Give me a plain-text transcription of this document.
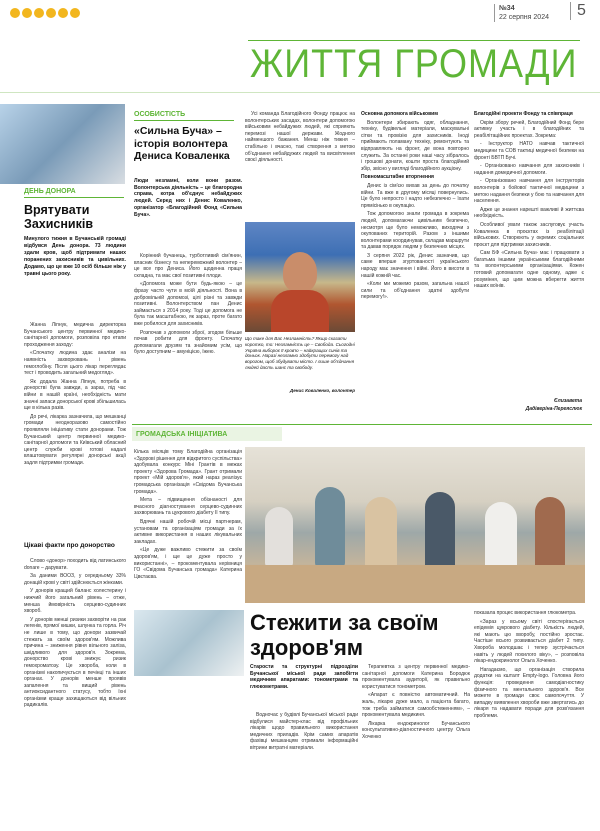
№34
22 серпня 2024	5
ЖИТТЯ ГРОМАДИ
ДЕНЬ ДОНОРА
Врятувати Захисників
Минулого тижня в Бучанській громаді відбувся День донора. 73 людини здали кров, щоб підтримати наших поранених захисників та цивільних. Додамо, що це вже 10 осіб більше ніж у травні цього року.

Жанна Ліпнук, медична директорка Бучанського центру первинної медико-санітарної допомоги, розповіла про етапи проходження заходу:

«Спочатку людина здає аналізи на наявність захворювань і рівень гемоглобіну. Після цього лікар переглядає тест і проводить загальний медогляд».

Як додала Жанна Ліпнук, потреба в донорстві була завжди, а зараз, під час війни в нашій країні, необхідність мати значні запаси донорської крові збільшилась ще в кілька разів.

До речі, лікарка зазначила, що мешканці громади неодноразово самостійно проявляли ініціативу стати донорами. Тож Бучанський центр первинної медико-санітарної допомоги та Київський обласний центр служби крові готові надалі влаштовувати регулярні донорські акції задля підтримки громади.

Цікаві факти про донорство

Слово «донор» походить від латинського donare – дарувати.

За даними ВООЗ, у середньому 33% донацій крові у світі здійснюється жінками.

У донорів кращий баланс холестерину і нижчий його загальний рівень – отже, менша ймовірність серцево-судинних хвороб.

У донорів менші ризики захворіти на рак легенів, прямої кишки, шлунка та горла. Річ не лише в тому, що донори зазвичай стежать за своїм здоров'ям. Можлива причина – зниження рівня вільного заліза, шкідливого для здоров'я. Зокрема, донорство крові знижує ризик гемохроматозу. Це хвороба, коли в організмі накопичується в печінці та інших органах. У донорів менше проявів запалення та вищий рівень антиоксидантного статусу, тобто їхні організми краще захищаються від вільних радикалів.

ОСОБИСТІСТЬ
«Сильна Буча» – історія волонтера Дениса Коваленка
Люди незламні, коли вони разом. Волонтерська діяльність – це благородна справа, котра об'єднує небайдужих людей. Серед них і Денис Коваленко, організатор «Благодійний Фонд «Сильна Буча».

Корінний бучанець, турботливий сім'янин, власник бізнесу та непереможний волонтер – це все про Дениса. Його щоденна праця складна, та має свої позитивні плоди.

«Допомога може бути будь-якою – це фразу часто чути в моїй діяльності. Вона в добровільній допомозі, цілі різні та завжди позитивні. Волонтерством пан Денис займається з 2014 року. Тоді це допомога не була так масштабною, як зараз, проте багато вже робилося для захисників.

Розпочав з допомоги зброї, згодом більше почав робити для фронту. Спочатку допомагали друзям та знайомим усім, що було доступним – амуніцією, їжею.

Усі команда Благодійного Фонду працює на волонтерських засадах, волонтери допомогою військовим небайдужих людей, які сприяють перемозі нашої держави. Жодного найменшого бажання. Менш ніж тижня – стабільно і вчасно, такі створення з метою об'єднання небайдужих людей та висвітлення своєї діяльності.

Що таке для Вас Незламність? Якщо сказати коротко, то: Незламність це – Свобода. Сьогодні Україна вибороє її кров'ю – найкращих синів та доньок. Наразі незламно здобути перемогу над ворогом, щоб збудувати місто. І лише об'єднання людей дасть шанс та свободу.
Денис Коваленко, волонтер
Основна допомога військовим

Волонтери збирають одяг, обладнання, техніку, будівельні матеріали, маскувальні сітки та провізію для захисників. Іноді приймають поламану техніку, ремонтують та відправляють на фронт, де вона повторно служить. За останні роки наші часу зібралось і грошові донати, кошти проста благодійний збір, звісно у вигляді благодійного аукціону.

Повномасштабне вторгнення

Денис із сім'єю вихав за день до початку війни. Та вже в другому місяці повернулись. Це було непросто і надто небезпечно – їхати прямісінько в окупацію.

Тож допомогою знали громада в зокрема людей, допомагаючи цивільним безпечно, несмотря ще було неможливо, виходячи з окупованих територій. Разом з іншими волонтерами координував, складав маршрути та давав порядок людям у безпечних місцях.

З серпня 2022 рік, Денис зазначив, що саме вперше згуртованості українського народу має значення і війні. Його в висоти в нашій кожній час.

«Коли ми можемо разом, загальна нашої сили та об'єднання здатні здобути перемогу!».

Благодійні проекти Фонду та співпраця

Окрім збору речей, Благодійний Фонд бере активну участь і в благодійних та реабілітаційних проектах. Зокрема:

- Інструктор НАТО навчав тактичної медицини та СОВ тактиці медичної безпеки на фронті БВТП Бучі.

- Організовано навчання для захисників і надання домедичної допомоги.

- Організовано навчання для інструкторів волонтерів з бойової тактичної медицини з метою надання безпеки у бою та навчання для населення.

Адже це знання нарешті важливі й життєва необхідність.

Особливої уваги також заслуговує участь Коваленка в проєктах із реабілітації військових. Створюють у окремих соціальних проєкт для підтримки захисників.

Сам БФ «Сильна Буча» має і працювати з багатьма іншими українськими благодійними та волонтерськими організаціями. Кожен готовий допомагати одне одному, адже є розуміння, що цим можна вберегти життя наших воїнів.

Єлизавета
Дадіверіна-Переяслюк
ГРОМАДСЬКА ІНІЦІАТИВА

Кілька місяців тому Благодійна організація «Здорові рішення для відкритого суспільства» здобувала конкурс Міні Грантів в межах проекту «Здорова Громада». Грант отримали проект «Мій здоров'я», який нараз реалізує громадська організація «Свідома Бучанська громада».

Мета – підвищення обізнаності для вчасного діагностування серцево-судинних захворювань та цукрового діабету ІІ типу.

Вдячні нашій робочій місці партнерам, установам та організаціям громади за їх активне використання в наших лікувальних закладах.

«Це дуже важливо стежити за своїм здоров'ям, і ще це дуже просто у використанні», – прокоментувала керівниця ГО «Свідома Бучанська громада» Катерина Цвєтаєва.

Стежити за своїм здоров'ям
Старости та структурні підрозділи Бучанської міської ради запобігти медичним апаратами: тонометрами та глюкометрами.

Водночас у будівлі Бучанської міської ради відбулися майстер-клас від профільних лікарів щодо правильного використання медичних приладів. Крім самих апаратів фахівці мешканцям отримали інформаційні вітрини витратні матеріали.

Терапевтка з центру первинної медико-санітарної допомоги Катерина Бородюк прокоментувала аудиторії, як правильно користуватися тонометром.

«Апарат є повністю автоматичний. На жаль, лікарю дуже мало, а пацієнта багато, тож треба займатися самообстеженням», – прокоментувала медикиня.

Лікарка ендокринолог Бучанського консультативно-діагностичного центру Ольга Хоченко

показала процес використання глюкометра.

«Зараз у всьому світі спостерігається епідемія цукрового діабету. Кількість людей, які мають цю хворобу, постійно зростає. Частіше всього розвивається діабет 2 типу. Хвороба молодшає і тепер зустрічається навіть у людей похилого віку», – розповіла лікар-ендокринолог Ольга Хоченко.

Нагадаємо, що організація створила додатки на кшталт Empty-logo. Головна його функція: проведення самодіагностику фізичного та ментального здоров'я. Все можете в громади своє самопочуття. У випадку виявлення хвороби вже звертатись до лікаря та надавати поради для розв'язання проблеми.
